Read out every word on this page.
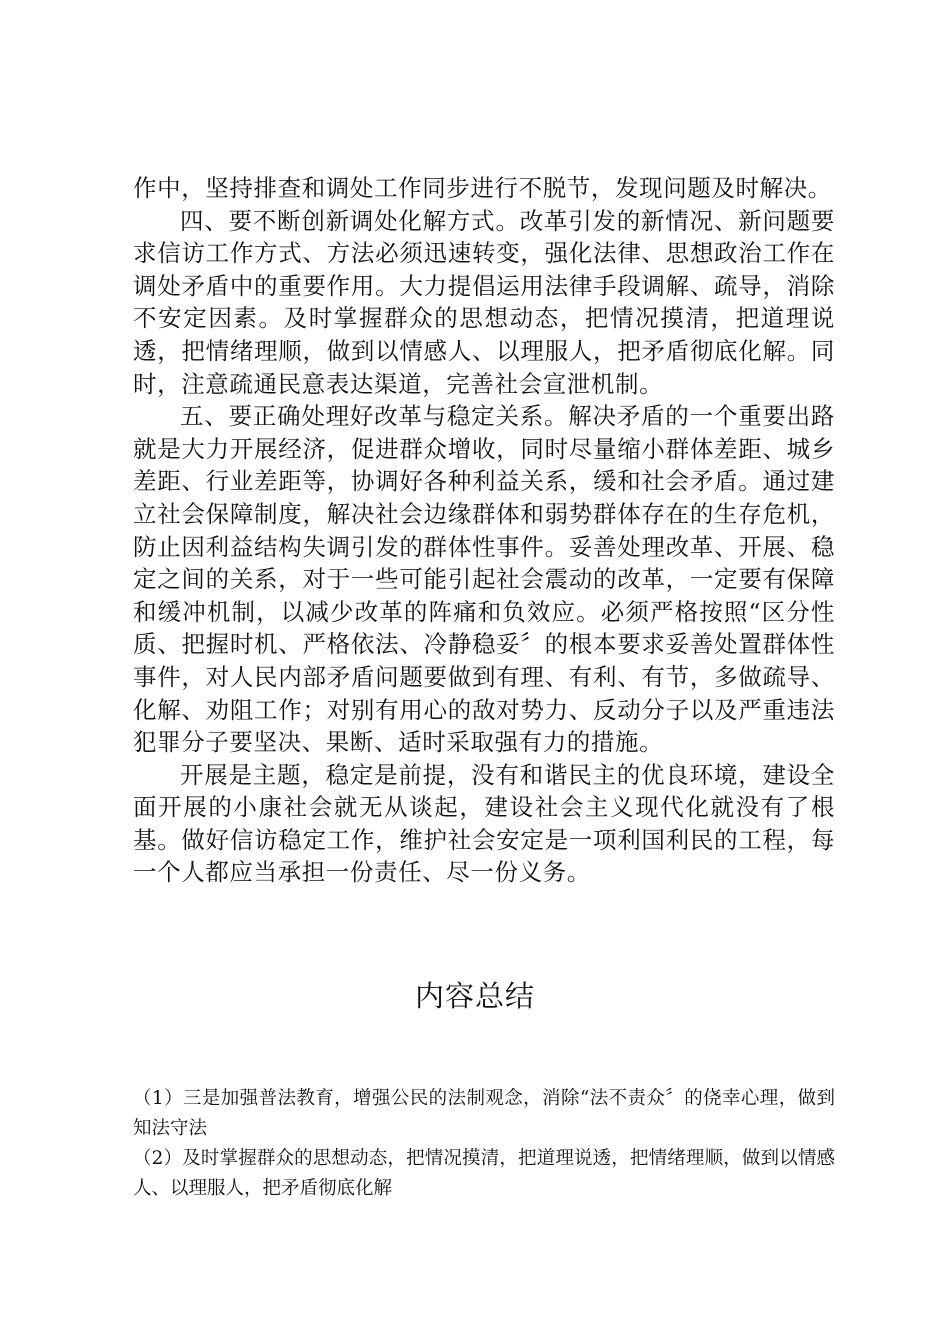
作中，坚持排查和调处工作同步进行不脱节，发现问题及时解决。

四、要不断创新调处化解方式。改革引发的新情况、新问题要求信访工作方式、方法必须迅速转变，强化法律、思想政治工作在调处矛盾中的重要作用。大力提倡运用法律手段调解、疏导，消除不安定因素。及时掌握群众的思想动态，把情况摸清，把道理说透，把情绪理顺，做到以情感人、以理服人，把矛盾彻底化解。同时，注意疏通民意表达渠道，完善社会宣泄机制。

五、要正确处理好改革与稳定关系。解决矛盾的一个重要出路就是大力开展经济，促进群众增收，同时尽量缩小群体差距、城乡差距、行业差距等，协调好各种利益关系，缓和社会矛盾。通过建立社会保障制度，解决社会边缘群体和弱势群体存在的生存危机，防止因利益结构失调引发的群体性事件。妥善处理改革、开展、稳定之间的关系，对于一些可能引起社会震动的改革，一定要有保障和缓冲机制，以减少改革的阵痛和负效应。必须严格按照“区分性质、把握时机、严格依法、冷静稳妥〞的根本要求妥善处置群体性事件，对人民内部矛盾问题要做到有理、有利、有节，多做疏导、化解、劝阻工作；对别有用心的敌对势力、反动分子以及严重违法犯罪分子要坚决、果断、适时采取强有力的措施。

开展是主题，稳定是前提，没有和谐民主的优良环境，建设全面开展的小康社会就无从谈起，建设社会主义现代化就没有了根基。做好信访稳定工作，维护社会安定是一项利国利民的工程，每一个人都应当承担一份责任、尽一份义务。

内容总结

（1）三是加强普法教育，增强公民的法制观念，消除“法不责众〞的侥幸心理，做到知法守法

（2）及时掌握群众的思想动态，把情况摸清，把道理说透，把情绪理顺，做到以情感人、以理服人，把矛盾彻底化解
